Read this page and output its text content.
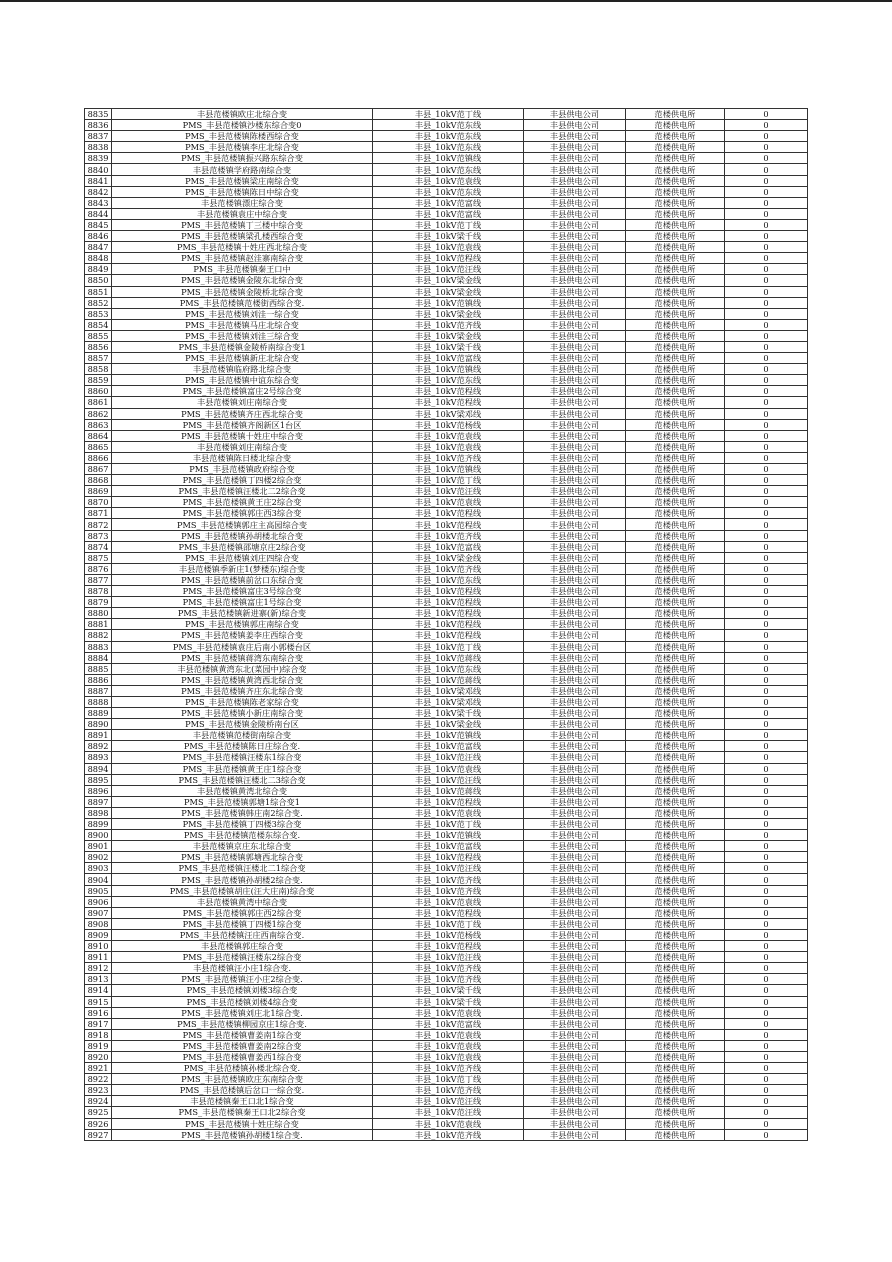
8835	丰县范楼镇欧庄北综合变	丰县_10kV范丁线	丰县供电公司	范楼供电所	0
8836	PMS_丰县范楼镇沙楼东综合变0	丰县_10kV范东线	丰县供电公司	范楼供电所	0
8837	PMS_丰县范楼镇陈楼西综合变	丰县_10kV范东线	丰县供电公司	范楼供电所	0
8838	PMS_丰县范楼镇李庄北综合变	丰县_10kV范东线	丰县供电公司	范楼供电所	0
8839	PMS_丰县范楼镇振兴路东综合变	丰县_10kV范镇线	丰县供电公司	范楼供电所	0
8840	丰县范楼镇学府路南综合变	丰县_10kV范东线	丰县供电公司	范楼供电所	0
8841	PMS_丰县范楼镇梁庄南综合变	丰县_10kV范袁线	丰县供电公司	范楼供电所	0
8842	PMS_丰县范楼镇陈日中综合变	丰县_10kV范东线	丰县供电公司	范楼供电所	0
8843	丰县范楼镇漂庄综合变	丰县_10kV范富线	丰县供电公司	范楼供电所	0
8844	丰县范楼镇袁庄中综合变	丰县_10kV范富线	丰县供电公司	范楼供电所	0
8845	PMS_丰县范楼镇丁三楼中综合变	丰县_10kV范丁线	丰县供电公司	范楼供电所	0
8846	PMS_丰县范楼镇梁孔楼西综合变	丰县_10kV梁千线	丰县供电公司	范楼供电所	0
8847	PMS_丰县范楼镇十姓庄西北综合变	丰县_10kV范袁线	丰县供电公司	范楼供电所	0
8848	PMS_丰县范楼镇赵洼寨南综合变	丰县_10kV范程线	丰县供电公司	范楼供电所	0
8849	PMS_丰县范楼镇秦王口中	丰县_10kV范汪线	丰县供电公司	范楼供电所	0
8850	PMS_丰县范楼镇金陵东北综合变	丰县_10kV梁金线	丰县供电公司	范楼供电所	0
8851	PMS_丰县范楼镇金陵桥北综合变	丰县_10kV梁金线	丰县供电公司	范楼供电所	0
8852	PMS_丰县范楼镇范楼街西综合变.	丰县_10kV范镇线	丰县供电公司	范楼供电所	0
8853	PMS_丰县范楼镇刘洼一综合变	丰县_10kV梁金线	丰县供电公司	范楼供电所	0
8854	PMS_丰县范楼镇马庄北综合变	丰县_10kV范齐线	丰县供电公司	范楼供电所	0
8855	PMS_丰县范楼镇刘洼三综合变	丰县_10kV梁金线	丰县供电公司	范楼供电所	0
8856	PMS_丰县范楼镇金陵桥南综合变1	丰县_10kV梁千线	丰县供电公司	范楼供电所	0
8857	PMS_丰县范楼镇新庄北综合变	丰县_10kV范富线	丰县供电公司	范楼供电所	0
8858	丰县范楼镇临府路北综合变	丰县_10kV范镇线	丰县供电公司	范楼供电所	0
8859	PMS_丰县范楼镇中谊东综合变	丰县_10kV范东线	丰县供电公司	范楼供电所	0
8860	PMS_丰县范楼镇富庄2号综合变	丰县_10kV范程线	丰县供电公司	范楼供电所	0
8861	丰县范楼镇刘庄南综合变	丰县_10kV范程线	丰县供电公司	范楼供电所	0
8862	PMS_丰县范楼镇齐庄西北综合变	丰县_10kV梁邓线	丰县供电公司	范楼供电所	0
8863	PMS_丰县范楼镇齐阁新区1台区	丰县_10kV范杨线	丰县供电公司	范楼供电所	0
8864	PMS_丰县范楼镇十姓庄中综合变	丰县_10kV范袁线	丰县供电公司	范楼供电所	0
8865	丰县范楼镇刘庄南综合变	丰县_10kV范袁线	丰县供电公司	范楼供电所	0
8866	丰县范楼镇陈日楼北综合变	丰县_10kV范齐线	丰县供电公司	范楼供电所	0
8867	PMS_丰县范楼镇政府综合变	丰县_10kV范镇线	丰县供电公司	范楼供电所	0
8868	PMS_丰县范楼镇丁四楼2综合变	丰县_10kV范丁线	丰县供电公司	范楼供电所	0
8869	PMS_丰县范楼镇汪楼北二2综合变	丰县_10kV范汪线	丰县供电公司	范楼供电所	0
8870	PMS_丰县范楼镇黄王庄2综合变	丰县_10kV范袁线	丰县供电公司	范楼供电所	0
8871	PMS_丰县范楼镇郭庄西3综合变	丰县_10kV范程线	丰县供电公司	范楼供电所	0
8872	PMS_丰县范楼镇郭庄主高园综合变	丰县_10kV范程线	丰县供电公司	范楼供电所	0
8873	PMS_丰县范楼镇孙胡楼北综合变	丰县_10kV范齐线	丰县供电公司	范楼供电所	0
8874	PMS_丰县范楼镇邵塘京庄2综合变	丰县_10kV范富线	丰县供电公司	范楼供电所	0
8875	PMS_丰县范楼镇刘庄四综合变	丰县_10kV梁金线	丰县供电公司	范楼供电所	0
8876	丰县范楼镇季新庄1(梦楼东)综合变	丰县_10kV范齐线	丰县供电公司	范楼供电所	0
8877	PMS_丰县范楼镇前岔口东综合变	丰县_10kV范东线	丰县供电公司	范楼供电所	0
8878	PMS_丰县范楼镇富庄3号综合变	丰县_10kV范程线	丰县供电公司	范楼供电所	0
8879	PMS_丰县范楼镇富庄1号综合变	丰县_10kV范程线	丰县供电公司	范楼供电所	0
8880	PMS_丰县范楼镇新进寨(新)综合变	丰县_10kV范程线	丰县供电公司	范楼供电所	0
8881	PMS_丰县范楼镇郭庄南综合变	丰县_10kV范程线	丰县供电公司	范楼供电所	0
8882	PMS_丰县范楼镇姜李庄西综合变	丰县_10kV范程线	丰县供电公司	范楼供电所	0
8883	PMS_丰县范楼镇袁庄后南小郭楼台区	丰县_10kV范丁线	丰县供电公司	范楼供电所	0
8884	PMS_丰县范楼镇蒋湾东南综合变	丰县_10kV范蒋线	丰县供电公司	范楼供电所	0
8885	丰县范楼镇黄湾东北(菜园中)综合变	丰县_10kV范东线	丰县供电公司	范楼供电所	0
8886	PMS_丰县范楼镇黄湾西北综合变	丰县_10kV范蒋线	丰县供电公司	范楼供电所	0
8887	PMS_丰县范楼镇齐庄东北综合变	丰县_10kV梁邓线	丰县供电公司	范楼供电所	0
8888	PMS_丰县范楼镇陈老家综合变	丰县_10kV梁邓线	丰县供电公司	范楼供电所	0
8889	PMS_丰县范楼镇小新庄南综合变	丰县_10kV梁千线	丰县供电公司	范楼供电所	0
8890	PMS_丰县范楼镇金陵桥南台区	丰县_10kV梁金线	丰县供电公司	范楼供电所	0
8891	丰县范楼镇范楼街南综合变	丰县_10kV范镇线	丰县供电公司	范楼供电所	0
8892	PMS_丰县范楼镇陈日庄综合变.	丰县_10kV范富线	丰县供电公司	范楼供电所	0
8893	PMS_丰县范楼镇汪楼东1综合变	丰县_10kV范汪线	丰县供电公司	范楼供电所	0
8894	PMS_丰县范楼镇黄王庄1综合变	丰县_10kV范袁线	丰县供电公司	范楼供电所	0
8895	PMS_丰县范楼镇汪楼北二3综合变	丰县_10kV范汪线	丰县供电公司	范楼供电所	0
8896	丰县范楼镇黄湾北综合变	丰县_10kV范蒋线	丰县供电公司	范楼供电所	0
8897	PMS_丰县范楼镇郭塘1综合变1	丰县_10kV范程线	丰县供电公司	范楼供电所	0
8898	PMS_丰县范楼镇韩庄南2综合变.	丰县_10kV范袁线	丰县供电公司	范楼供电所	0
8899	PMS_丰县范楼镇丁四楼3综合变	丰县_10kV范丁线	丰县供电公司	范楼供电所	0
8900	PMS_丰县范楼镇范楼东综合变.	丰县_10kV范镇线	丰县供电公司	范楼供电所	0
8901	丰县范楼镇京庄东北综合变	丰县_10kV范富线	丰县供电公司	范楼供电所	0
8902	PMS_丰县范楼镇郭塘西北综合变	丰县_10kV范程线	丰县供电公司	范楼供电所	0
8903	PMS_丰县范楼镇汪楼北二1综合变	丰县_10kV范汪线	丰县供电公司	范楼供电所	0
8904	PMS_丰县范楼镇孙胡楼2综合变.	丰县_10kV范齐线	丰县供电公司	范楼供电所	0
8905	PMS_丰县范楼镇胡庄(汪大庄南)综合变	丰县_10kV范齐线	丰县供电公司	范楼供电所	0
8906	丰县范楼镇黄湾中综合变	丰县_10kV范袁线	丰县供电公司	范楼供电所	0
8907	PMS_丰县范楼镇郭庄西2综合变	丰县_10kV范程线	丰县供电公司	范楼供电所	0
8908	PMS_丰县范楼镇丁四楼1综合变	丰县_10kV范丁线	丰县供电公司	范楼供电所	0
8909	PMS_丰县范楼镇汪庄西南综合变.	丰县_10kV范杨线	丰县供电公司	范楼供电所	0
8910	丰县范楼镇郭庄综合变	丰县_10kV范程线	丰县供电公司	范楼供电所	0
8911	PMS_丰县范楼镇汪楼东2综合变	丰县_10kV范汪线	丰县供电公司	范楼供电所	0
8912	丰县范楼镇汪小庄1综合变.	丰县_10kV范齐线	丰县供电公司	范楼供电所	0
8913	PMS_丰县范楼镇汪小庄2综合变.	丰县_10kV范齐线	丰县供电公司	范楼供电所	0
8914	PMS_丰县范楼镇刘楼3综合变	丰县_10kV梁千线	丰县供电公司	范楼供电所	0
8915	PMS_丰县范楼镇刘楼4综合变	丰县_10kV梁千线	丰县供电公司	范楼供电所	0
8916	PMS_丰县范楼镇刘庄北1综合变.	丰县_10kV范袁线	丰县供电公司	范楼供电所	0
8917	PMS_丰县范楼镇柳园京庄1综合变.	丰县_10kV范富线	丰县供电公司	范楼供电所	0
8918	PMS_丰县范楼镇曹姜南1综合变	丰县_10kV范袁线	丰县供电公司	范楼供电所	0
8919	PMS_丰县范楼镇曹姜南2综合变	丰县_10kV范袁线	丰县供电公司	范楼供电所	0
8920	PMS_丰县范楼镇曹姜西1综合变	丰县_10kV范袁线	丰县供电公司	范楼供电所	0
8921	PMS_丰县范楼镇孙楼北综合变.	丰县_10kV范齐线	丰县供电公司	范楼供电所	0
8922	PMS_丰县范楼镇欧庄东南综合变	丰县_10kV范丁线	丰县供电公司	范楼供电所	0
8923	PMS_丰县范楼镇后岔口一综合变.	丰县_10kV范齐线	丰县供电公司	范楼供电所	0
8924	丰县范楼镇秦王口北1综合变	丰县_10kV范汪线	丰县供电公司	范楼供电所	0
8925	PMS_丰县范楼镇秦王口北2综合变	丰县_10kV范汪线	丰县供电公司	范楼供电所	0
8926	PMS_丰县范楼镇十姓庄综合变	丰县_10kV范袁线	丰县供电公司	范楼供电所	0
8927	PMS_丰县范楼镇孙胡楼1综合变.	丰县_10kV范齐线	丰县供电公司	范楼供电所	0
